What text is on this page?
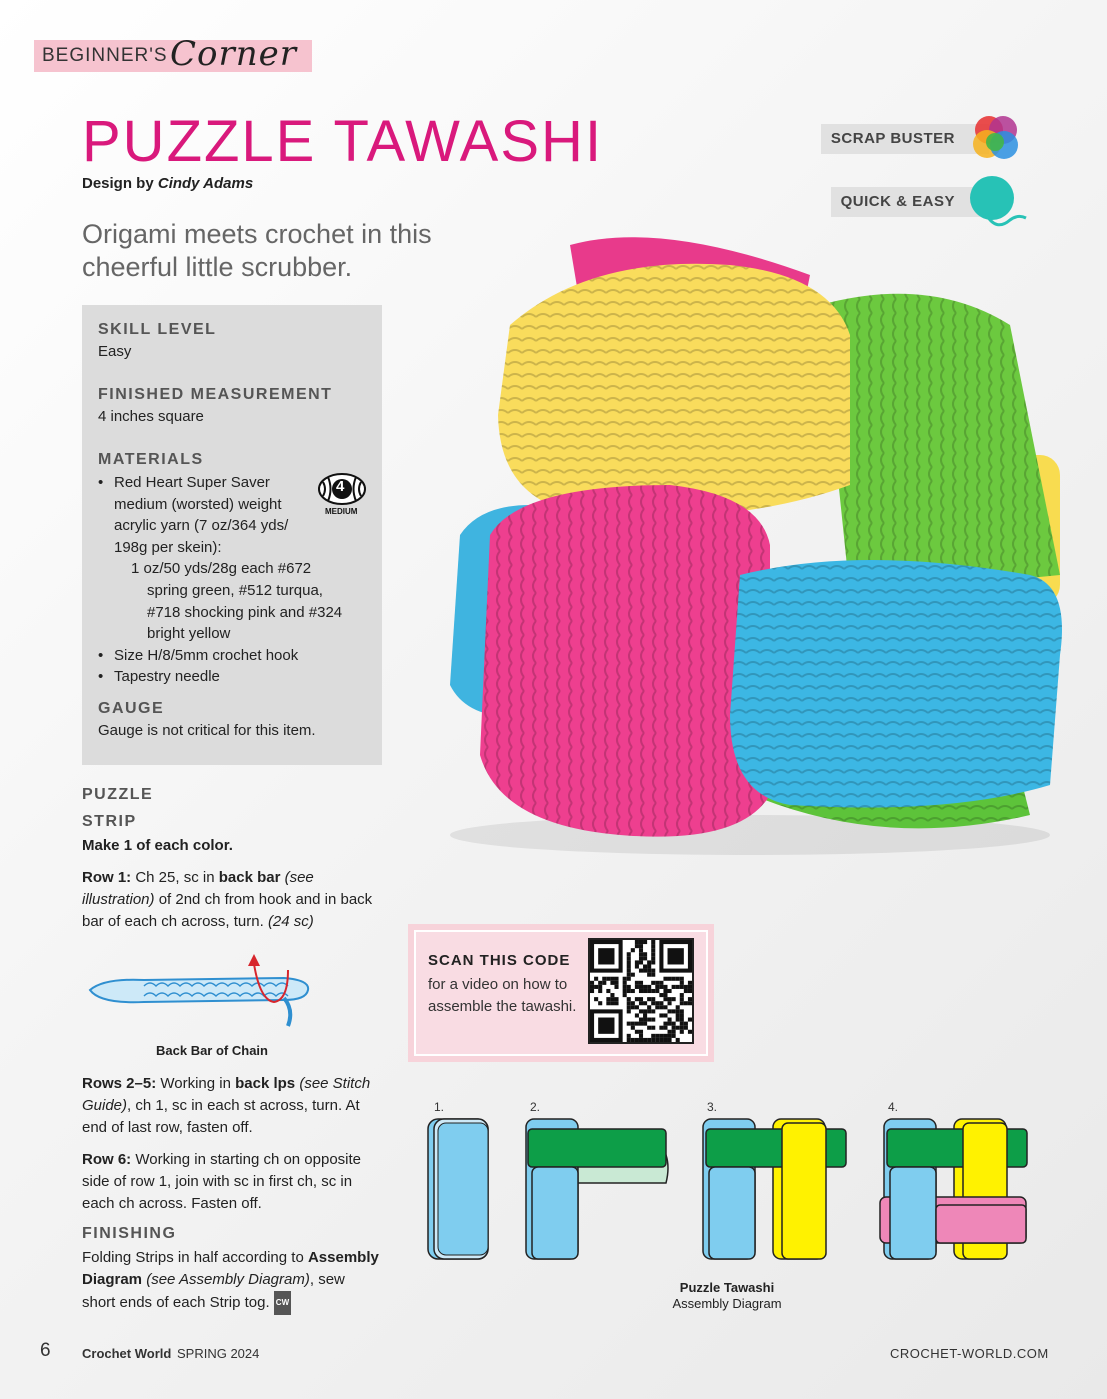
BEGINNER'S Corner
PUZZLE TAWASHI
Design by Cindy Adams
Origami meets crochet in this cheerful little scrubber.
SCRAP BUSTER
QUICK & EASY
SKILL LEVEL
Easy
FINISHED MEASUREMENT
4 inches square
MATERIALS
• Red Heart Super Saver
medium (worsted) weight
acrylic yarn (7 oz/364 yds/
198g per skein):
1 oz/50 yds/28g each #672
spring green, #512 turqua,
#718 shocking pink and #324
bright yellow
• Size H/8/5mm crochet hook
• Tapestry needle
4
MEDIUM
GAUGE
Gauge is not critical for this item.
PUZZLE
STRIP
Make 1 of each color.
Row 1: Ch 25, sc in back bar (see illustration) of 2nd ch from hook and in back bar of each ch across, turn. (24 sc)
Back Bar of Chain
Rows 2–5: Working in back lps (see Stitch Guide), ch 1, sc in each st across, turn. At end of last row, fasten off.
Row 6: Working in starting ch on opposite side of row 1, join with sc in first ch, sc in each ch across. Fasten off.
FINISHING
Folding Strips in half according to Assembly Diagram (see Assembly Diagram), sew short ends of each Strip tog. CW
SCAN THIS CODE
for a video on how to assemble the tawashi.
1.	2.	3.	4.
Puzzle Tawashi
Assembly Diagram
6 Crochet World SPRING 2024	CROCHET-WORLD.COM
